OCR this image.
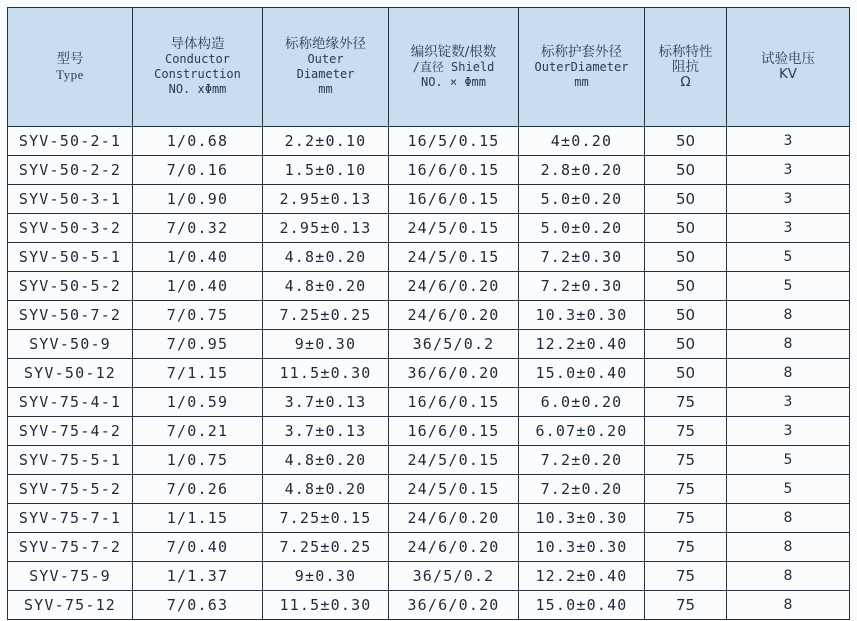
型号
Type	导体构造
Conductor
Construction
NO. xΦmm	标称绝缘外径
Outer
Diameter
mm	编织锭数/根数
/直径 Shield
NO. × Φmm	标称护套外径
OuterDiameter
mm	标称特性
阻抗
Ω	试验电压
KV

SYV-50-2-1	1/0.68	2.2±0.10	16/5/0.15	4±0.20	50	3
SYV-50-2-2	7/0.16	1.5±0.10	16/6/0.15	2.8±0.20	50	3
SYV-50-3-1	1/0.90	2.95±0.13	16/6/0.15	5.0±0.20	50	3
SYV-50-3-2	7/0.32	2.95±0.13	24/5/0.15	5.0±0.20	50	3
SYV-50-5-1	1/0.40	4.8±0.20	24/5/0.15	7.2±0.30	50	5
SYV-50-5-2	1/0.40	4.8±0.20	24/6/0.20	7.2±0.30	50	5
SYV-50-7-2	7/0.75	7.25±0.25	24/6/0.20	10.3±0.30	50	8
SYV-50-9	7/0.95	9±0.30	36/5/0.2	12.2±0.40	50	8
SYV-50-12	7/1.15	11.5±0.30	36/6/0.20	15.0±0.40	50	8
SYV-75-4-1	1/0.59	3.7±0.13	16/6/0.15	6.0±0.20	75	3
SYV-75-4-2	7/0.21	3.7±0.13	16/6/0.15	6.07±0.20	75	3
SYV-75-5-1	1/0.75	4.8±0.20	24/5/0.15	7.2±0.20	75	5
SYV-75-5-2	7/0.26	4.8±0.20	24/5/0.15	7.2±0.20	75	5
SYV-75-7-1	1/1.15	7.25±0.15	24/6/0.20	10.3±0.30	75	8
SYV-75-7-2	7/0.40	7.25±0.25	24/6/0.20	10.3±0.30	75	8
SYV-75-9	1/1.37	9±0.30	36/5/0.2	12.2±0.40	75	8
SYV-75-12	7/0.63	11.5±0.30	36/6/0.20	15.0±0.40	75	8
